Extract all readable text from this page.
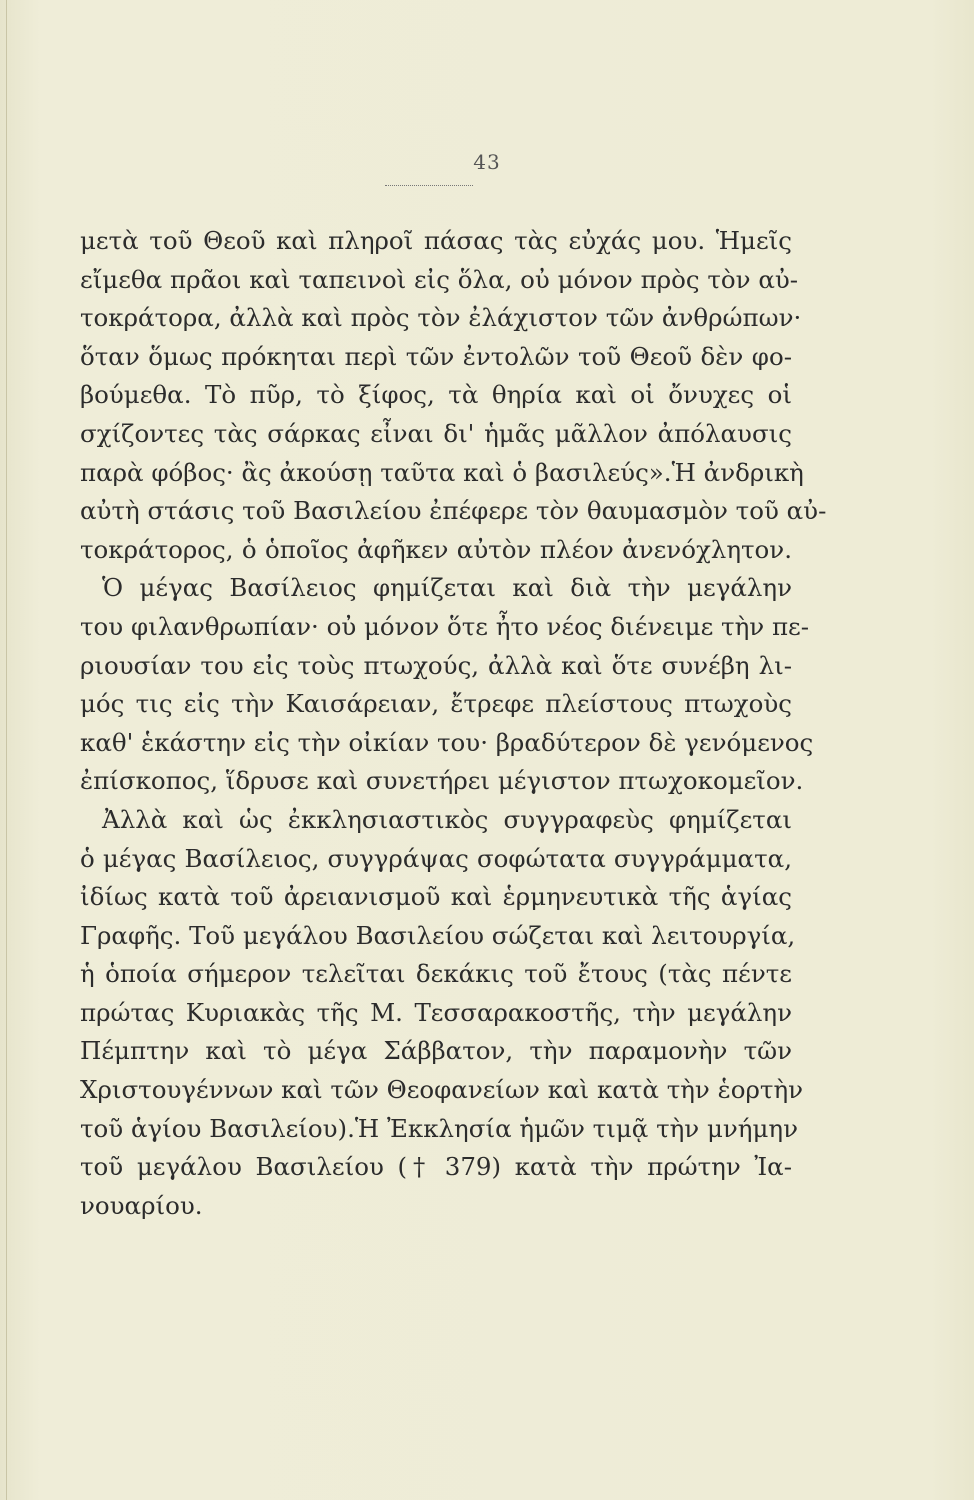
43
μετὰ τοῦ Θεοῦ καὶ πληροῖ πάσας τὰς εὐχάς μου. Ἡμεῖς
εἴμεθα πρᾶοι καὶ ταπεινοὶ εἰς ὅλα, οὐ μόνον πρὸς τὸν αὐ-
τοκράτορα, ἀλλὰ καὶ πρὸς τὸν ἐλάχιστον τῶν ἀνθρώπων·
ὅταν ὅμως πρόκηται περὶ τῶν ἐντολῶν τοῦ Θεοῦ δὲν φο-
βούμεθα. Τὸ πῦρ, τὸ ξίφος, τὰ θηρία καὶ οἱ ὄνυχες οἱ
σχίζοντες τὰς σάρκας εἶναι δι' ἡμᾶς μᾶλλον ἀπόλαυσις
παρὰ φόβος· ἂς ἀκούσῃ ταῦτα καὶ ὁ βασιλεύς».Ἡ ἀνδρικὴ
αὐτὴ στάσις τοῦ Βασιλείου ἐπέφερε τὸν θαυμασμὸν τοῦ αὐ-
τοκράτορος, ὁ ὁποῖος ἀφῆκεν αὐτὸν πλέον ἀνενόχλητον.
Ὁ μέγας Βασίλειος φημίζεται καὶ διὰ τὴν μεγάλην
του φιλανθρωπίαν· οὐ μόνον ὅτε ἦτο νέος διένειμε τὴν πε-
ριουσίαν του εἰς τοὺς πτωχούς, ἀλλὰ καὶ ὅτε συνέβη λι-
μός τις εἰς τὴν Καισάρειαν, ἔτρεφε πλείστους πτωχοὺς
καθ' ἑκάστην εἰς τὴν οἰκίαν του· βραδύτερον δὲ γενόμενος
ἐπίσκοπος, ἵδρυσε καὶ συνετήρει μέγιστον πτωχοκομεῖον.
Ἀλλὰ καὶ ὡς ἐκκλησιαστικὸς συγγραφεὺς φημίζεται
ὁ μέγας Βασίλειος, συγγράψας σοφώτατα συγγράμματα,
ἰδίως κατὰ τοῦ ἀρειανισμοῦ καὶ ἑρμηνευτικὰ τῆς ἁγίας
Γραφῆς. Τοῦ μεγάλου Βασιλείου σώζεται καὶ λειτουργία,
ἡ ὁποία σήμερον τελεῖται δεκάκις τοῦ ἔτους (τὰς πέντε
πρώτας Κυριακὰς τῆς Μ. Τεσσαρακοστῆς, τὴν μεγάλην
Πέμπτην καὶ τὸ μέγα Σάββατον, τὴν παραμονὴν τῶν
Χριστουγέννων καὶ τῶν Θεοφανείων καὶ κατὰ τὴν ἑορτὴν
τοῦ ἁγίου Βασιλείου).Ἡ Ἐκκλησία ἡμῶν τιμᾷ τὴν μνήμην
τοῦ μεγάλου Βασιλείου († 379) κατὰ τὴν πρώτην Ἰα-
νουαρίου.
